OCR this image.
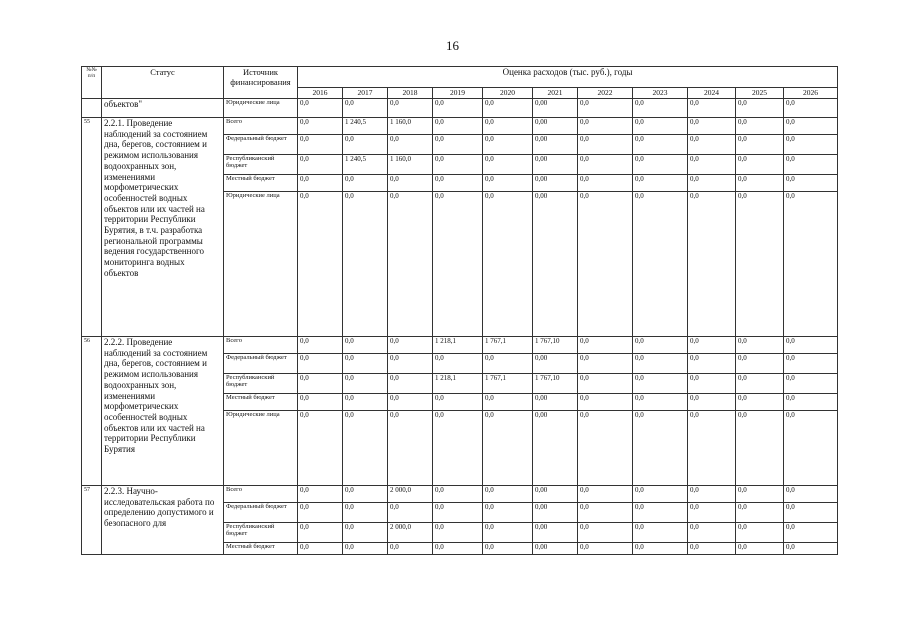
16
№№ п/п	Статус	Источник финансирования	Оценка расходов (тыс. руб.), годы										
			2016	2017	2018	2019	2020	2021	2022	2023	2024	2025	2026
	объектов"	Юридические лица	0,0	0,0	0,0	0,0	0,0	0,00	0,0	0,0	0,0	0,0	0,0
55	2.2.1. Проведение наблюдений за состоянием дна, берегов, состоянием и режимом использования водоохранных зон, изменениями морфометрических особенностей водных объектов или их частей на территории Республики Бурятия, в т.ч. разработка региональной программы ведения государственного мониторинга водных объектов	Всего	0,0	1 240,5	1 160,0	0,0	0,0	0,00	0,0	0,0	0,0	0,0	0,0
		Федеральный бюджет	0,0	0,0	0,0	0,0	0,0	0,00	0,0	0,0	0,0	0,0	0,0
		Республиканский бюджет	0,0	1 240,5	1 160,0	0,0	0,0	0,00	0,0	0,0	0,0	0,0	0,0
		Местный бюджет	0,0	0,0	0,0	0,0	0,0	0,00	0,0	0,0	0,0	0,0	0,0
		Юридические лица	0,0	0,0	0,0	0,0	0,0	0,00	0,0	0,0	0,0	0,0	0,0
56	2.2.2. Проведение наблюдений за состоянием дна, берегов, состоянием и режимом использования водоохранных зон, изменениями морфометрических особенностей водных объектов или их частей на территории Республики Бурятия	Всего	0,0	0,0	0,0	1 218,1	1 767,1	1 767,10	0,0	0,0	0,0	0,0	0,0
		Федеральный бюджет	0,0	0,0	0,0	0,0	0,0	0,00	0,0	0,0	0,0	0,0	0,0
		Республиканский бюджет	0,0	0,0	0,0	1 218,1	1 767,1	1 767,10	0,0	0,0	0,0	0,0	0,0
		Местный бюджет	0,0	0,0	0,0	0,0	0,0	0,00	0,0	0,0	0,0	0,0	0,0
		Юридические лица	0,0	0,0	0,0	0,0	0,0	0,00	0,0	0,0	0,0	0,0	0,0
57	2.2.3. Научно-исследовательская работа по определению допустимого и безопасного для	Всего	0,0	0,0	2 000,0	0,0	0,0	0,00	0,0	0,0	0,0	0,0	0,0
		Федеральный бюджет	0,0	0,0	0,0	0,0	0,0	0,00	0,0	0,0	0,0	0,0	0,0
		Республиканский бюджет	0,0	0,0	2 000,0	0,0	0,0	0,00	0,0	0,0	0,0	0,0	0,0
		Местный бюджет	0,0	0,0	0,0	0,0	0,0	0,00	0,0	0,0	0,0	0,0	0,0
